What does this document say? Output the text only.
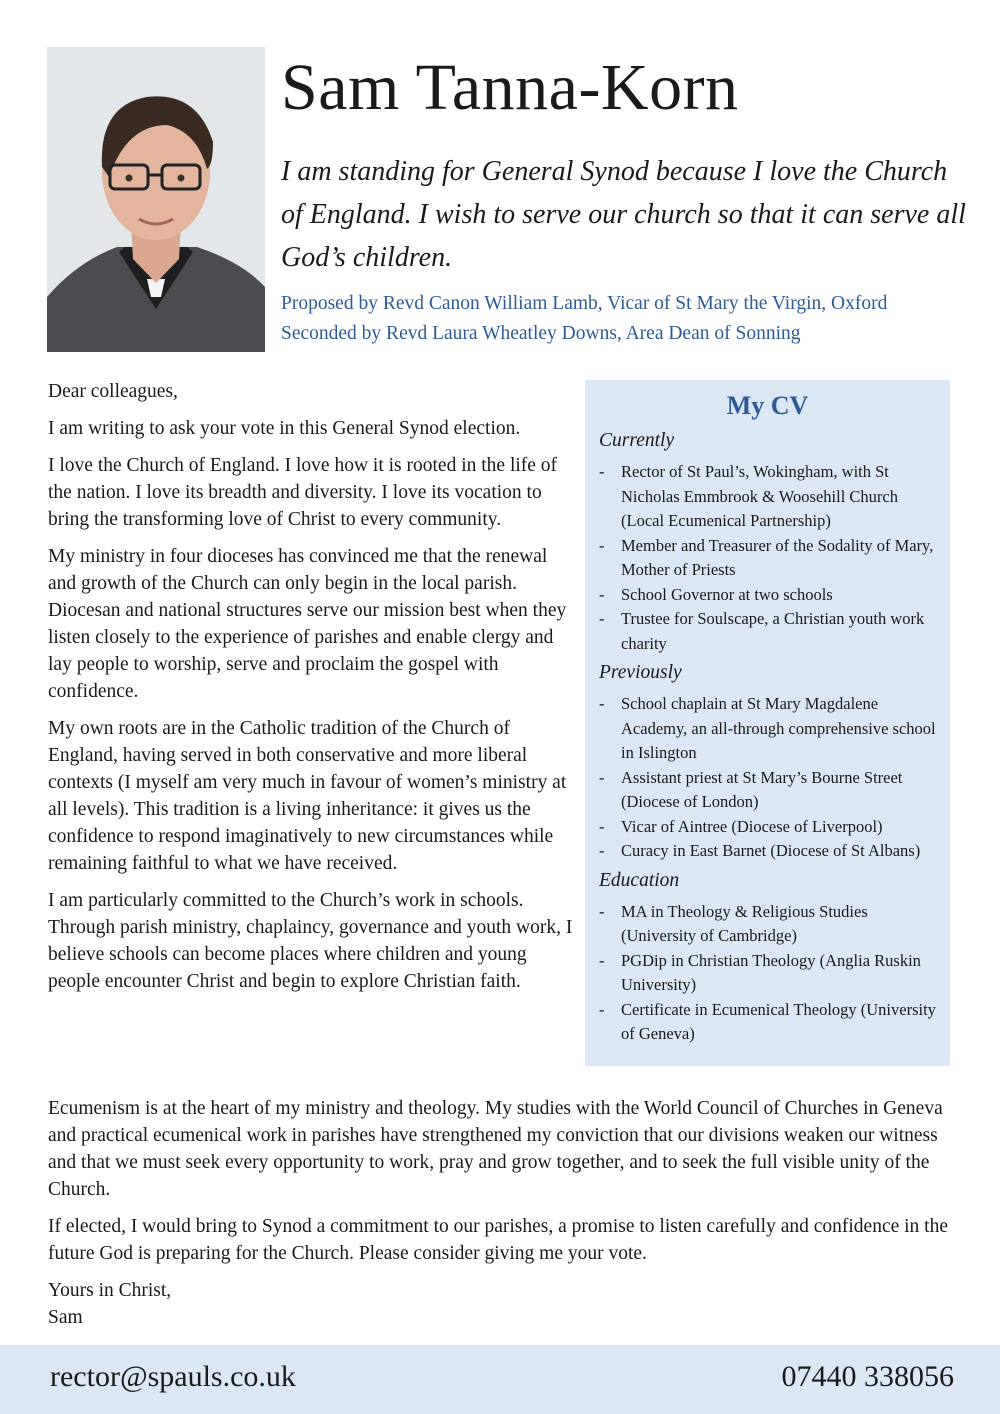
Sam Tanna-Korn

I am standing for General Synod because I love the Church of England. I wish to serve our church so that it can serve all God’s children.

Proposed by Revd Canon William Lamb, Vicar of St Mary the Virgin, Oxford
Seconded by Revd Laura Wheatley Downs, Area Dean of Sonning

Dear colleagues,

I am writing to ask your vote in this General Synod election.

I love the Church of England. I love how it is rooted in the life of the nation. I love its breadth and diversity. I love its vocation to bring the transforming love of Christ to every community.

My ministry in four dioceses has convinced me that the renewal and growth of the Church can only begin in the local parish. Diocesan and national structures serve our mission best when they listen closely to the experience of parishes and enable clergy and lay people to worship, serve and proclaim the gospel with confidence.

My own roots are in the Catholic tradition of the Church of England, having served in both conservative and more liberal contexts (I myself am very much in favour of women’s ministry at all levels). This tradition is a living inheritance: it gives us the confidence to respond imaginatively to new circumstances while remaining faithful to what we have received.

I am particularly committed to the Church’s work in schools. Through parish ministry, chaplaincy, governance and youth work, I believe schools can become places where children and young people encounter Christ and begin to explore Christian faith.

My CV
Currently
- Rector of St Paul’s, Wokingham, with St Nicholas Emmbrook & Woosehill Church (Local Ecumenical Partnership)
- Member and Treasurer of the Sodality of Mary, Mother of Priests
- School Governor at two schools
- Trustee for Soulscape, a Christian youth work charity
Previously
- School chaplain at St Mary Magdalene Academy, an all-through comprehensive school in Islington
- Assistant priest at St Mary’s Bourne Street (Diocese of London)
- Vicar of Aintree (Diocese of Liverpool)
- Curacy in East Barnet (Diocese of St Albans)
Education
- MA in Theology & Religious Studies (University of Cambridge)
- PGDip in Christian Theology (Anglia Ruskin University)
- Certificate in Ecumenical Theology (University of Geneva)

Ecumenism is at the heart of my ministry and theology. My studies with the World Council of Churches in Geneva and practical ecumenical work in parishes have strengthened my conviction that our divisions weaken our witness and that we must seek every opportunity to work, pray and grow together, and to seek the full visible unity of the Church.

If elected, I would bring to Synod a commitment to our parishes, a promise to listen carefully and confidence in the future God is preparing for the Church. Please consider giving me your vote.

Yours in Christ,
Sam
rector@spauls.co.uk	07440 338056
